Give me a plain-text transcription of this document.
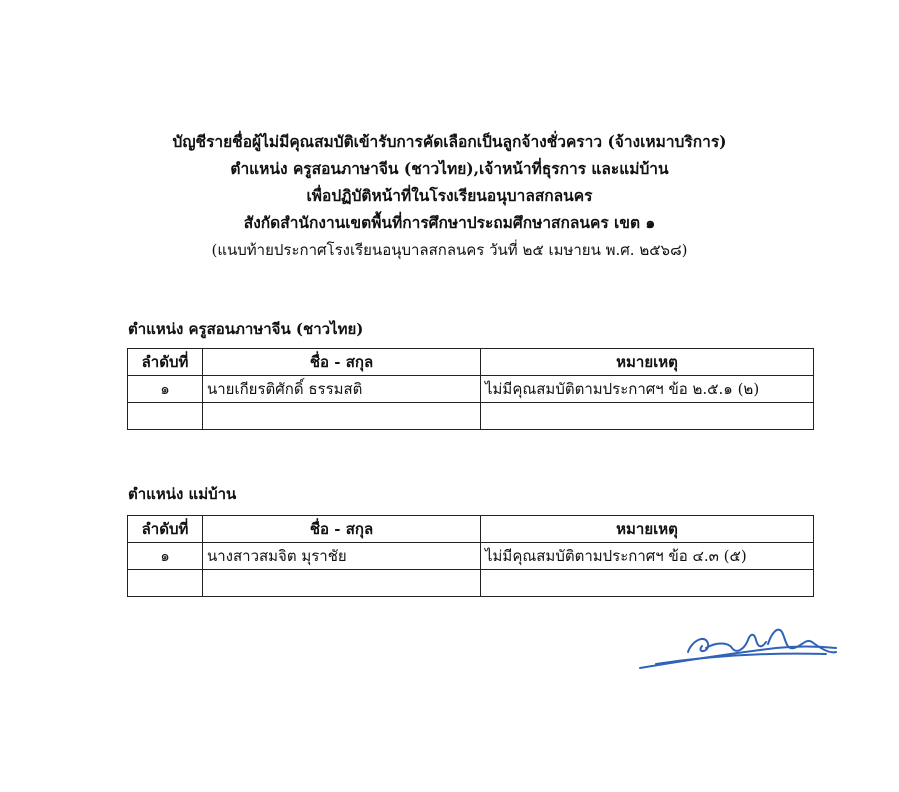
บัญชีรายชื่อผู้ไม่มีคุณสมบัติเข้ารับการคัดเลือกเป็นลูกจ้างชั่วคราว (จ้างเหมาบริการ)
ตำแหน่ง ครูสอนภาษาจีน (ชาวไทย),เจ้าหน้าที่ธุรการ และแม่บ้าน
เพื่อปฏิบัติหน้าที่ในโรงเรียนอนุบาลสกลนคร
สังกัดสำนักงานเขตพื้นที่การศึกษาประถมศึกษาสกลนคร เขต ๑
(แนบท้ายประกาศโรงเรียนอนุบาลสกลนคร วันที่ ๒๕ เมษายน พ.ศ. ๒๕๖๘)
ตำแหน่ง ครูสอนภาษาจีน (ชาวไทย)
ลำดับที่	ชื่อ - สกุล	หมายเหตุ
๑	นายเกียรติศักดิ์ ธรรมสติ	ไม่มีคุณสมบัติตามประกาศฯ ข้อ ๒.๕.๑ (๒)

ตำแหน่ง แม่บ้าน
ลำดับที่	ชื่อ - สกุล	หมายเหตุ
๑	นางสาวสมจิต มุราชัย	ไม่มีคุณสมบัติตามประกาศฯ ข้อ ๔.๓ (๕)
